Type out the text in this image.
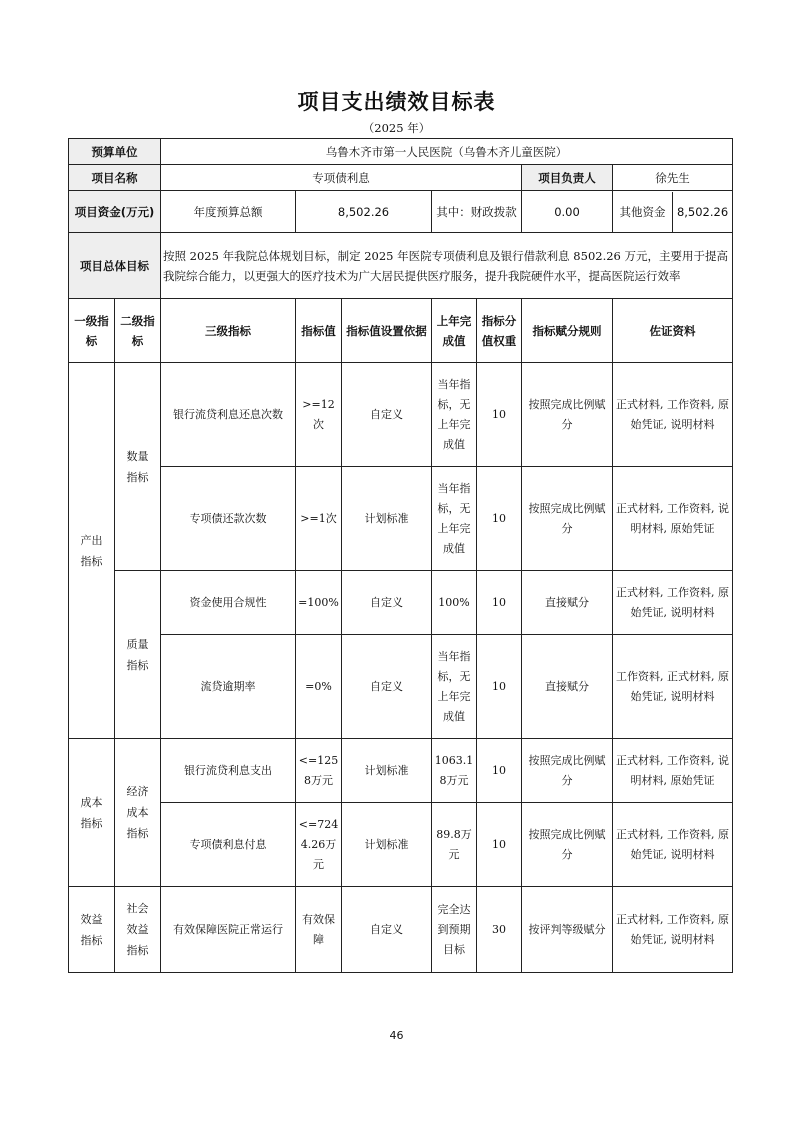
项目支出绩效目标表
（2025 年）
预算单位		乌鲁木齐市第一人民医院（乌鲁木齐儿童医院）						
项目名称		专项债利息					项目负责人	徐先生
项目资金(万元)		年度预算总额	8,502.26		其中：财政拨款		0.00	其他资金 8,502.26

项目总体目标		按照 2025 年我院总体规划目标，制定 2025 年医院专项债利息及银行借款利息 8502.26 万元，主要用于提高我院综合能力，以更强大的医疗技术为广大居民提供医疗服务，提升我院硬件水平，提高医院运行效率						
一级指标	二级指标	三级指标	指标值	指标值设置依据	上年完成值	指标分值权重	指标赋分规则	佐证资料
产出指标	数量指标	银行流贷利息还息次数	>=12次	自定义	当年指标，无上年完成值	10	按照完成比例赋分	正式材料, 工作资料, 原始凭证, 说明材料
		专项债还款次数	>=1次	计划标准	当年指标，无上年完成值	10	按照完成比例赋分	正式材料, 工作资料, 说明材料, 原始凭证
	质量指标	资金使用合规性	=100%	自定义	100%	10	直接赋分	正式材料, 工作资料, 原始凭证, 说明材料
		流贷逾期率	=0%	自定义	当年指标，无上年完成值	10	直接赋分	工作资料, 正式材料, 原始凭证, 说明材料
成本指标	经济成本指标	银行流贷利息支出	<=1258万元	计划标准	1063.18万元	10	按照完成比例赋分	正式材料, 工作资料, 说明材料, 原始凭证
		专项债利息付息	<=7244.26万元	计划标准	89.8万元	10	按照完成比例赋分	正式材料, 工作资料, 原始凭证, 说明材料
效益指标	社会效益指标	有效保障医院正常运行	有效保障	自定义	完全达到预期目标	30	按评判等级赋分	正式材料, 工作资料, 原始凭证, 说明材料
46
